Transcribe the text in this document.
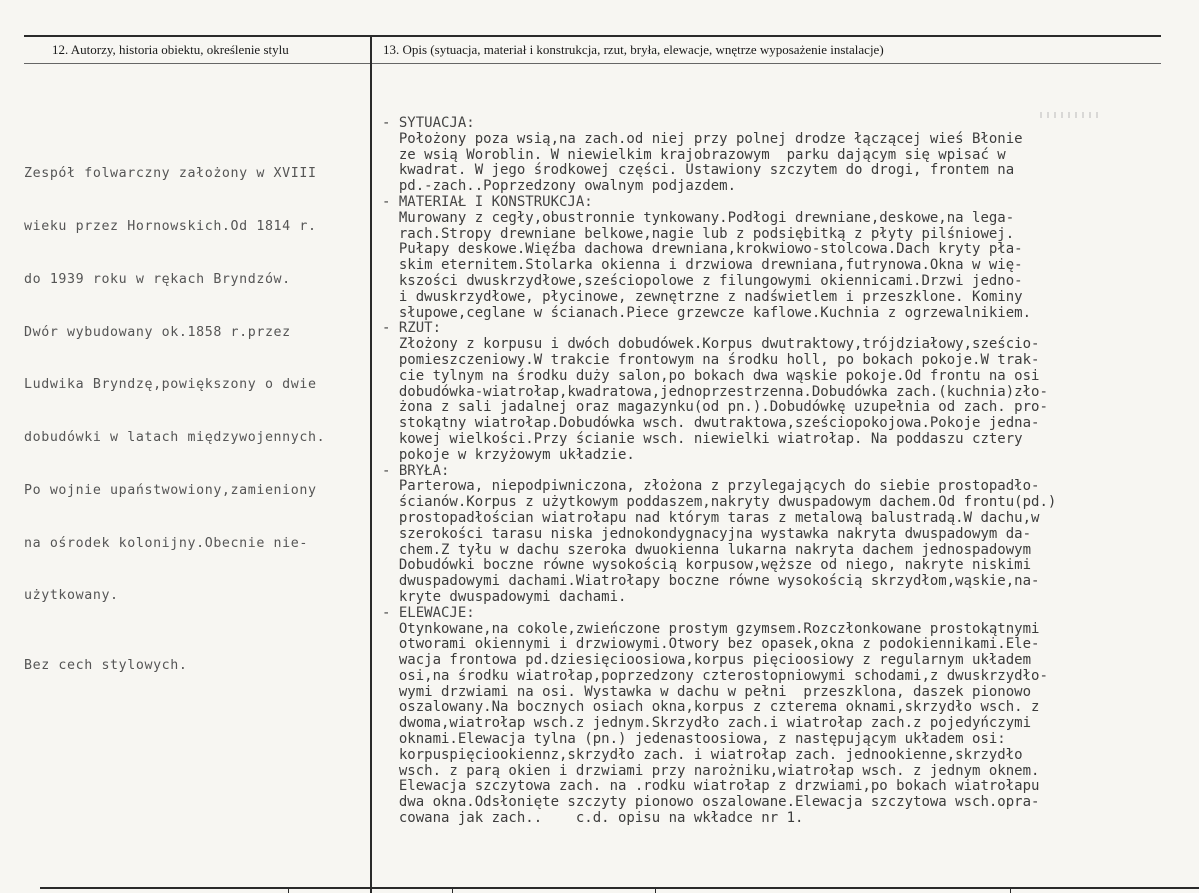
12. Autorzy, historia obiektu, określenie stylu	13. Opis (sytuacja, materiał i konstrukcja, rzut, bryła, elewacje, wnętrze wyposażenie instalacje)

Zespół folwarczny założony w XVIII

wieku przez Hornowskich.Od 1814 r.

do 1939 roku w rękach Bryndzów.

Dwór wybudowany ok.1858 r.przez

Ludwika Bryndzę,powiększony o dwie

dobudówki w latach międzywojennych.

Po wojnie upaństwowiony,zamieniony

na ośrodek kolonijny.Obecnie nie-

użytkowany.

Bez cech stylowych.

- SYTUACJA:
Położony poza wsią,na zach.od niej przy polnej drodze łączącej wieś Błonie
ze wsią Woroblin. W niewielkim krajobrazowym  parku dającym się wpisać w
kwadrat. W jego środkowej części. Ustawiony szczytem do drogi, frontem na
pd.-zach..Poprzedzony owalnym podjazdem.
- MATERIAŁ I KONSTRUKCJA:
Murowany z cegły,obustronnie tynkowany.Podłogi drewniane,deskowe,na lega-
rach.Stropy drewniane belkowe,nagie lub z podsiębitką z płyty pilśniowej.
Pułapy deskowe.Więźba dachowa drewniana,krokwiowo-stolcowa.Dach kryty pła-
skim eternitem.Stolarka okienna i drzwiowa drewniana,futrynowa.Okna w wię-
kszości dwuskrzydłowe,sześciopolowe z filungowymi okiennicami.Drzwi jedno-
i dwuskrzydłowe, płycinowe, zewnętrzne z nadświetlem i przeszklone. Kominy
słupowe,ceglane w ścianach.Piece grzewcze kaflowe.Kuchnia z ogrzewalnikiem.
- RZUT:
Złożony z korpusu i dwóch dobudówek.Korpus dwutraktowy,trójdziałowy,sześcio-
pomieszczeniowy.W trakcie frontowym na środku holl, po bokach pokoje.W trak-
cie tylnym na środku duży salon,po bokach dwa wąskie pokoje.Od frontu na osi
dobudówka-wiatrołap,kwadratowa,jednoprzestrzenna.Dobudówka zach.(kuchnia)zło-
żona z sali jadalnej oraz magazynku(od pn.).Dobudówkę uzupełnia od zach. pro-
stokątny wiatrołap.Dobudówka wsch. dwutraktowa,sześciopokojowa.Pokoje jedna-
kowej wielkości.Przy ścianie wsch. niewielki wiatrołap. Na poddaszu cztery
pokoje w krzyżowym układzie.
- BRYŁA:
Parterowa, niepodpiwniczona, złożona z przylegających do siebie prostopadło-
ścianów.Korpus z użytkowym poddaszem,nakryty dwuspadowym dachem.Od frontu(pd.)
prostopadłościan wiatrołapu nad którym taras z metalową balustradą.W dachu,w
szerokości tarasu niska jednokondygnacyjna wystawka nakryta dwuspadowym da-
chem.Z tyłu w dachu szeroka dwuokienna lukarna nakryta dachem jednospadowym
Dobudówki boczne równe wysokością korpusow,węższe od niego, nakryte niskimi
dwuspadowymi dachami.Wiatrołapy boczne równe wysokością skrzydłom,wąskie,na-
kryte dwuspadowymi dachami.
- ELEWACJE:
Otynkowane,na cokole,zwieńczone prostym gzymsem.Rozczłonkowane prostokątnymi
otworami okiennymi i drzwiowymi.Otwory bez opasek,okna z podokiennikami.Ele-
wacja frontowa pd.dziesięcioosiowa,korpus pięcioosiowy z regularnym układem
osi,na środku wiatrołap,poprzedzony czterostopniowymi schodami,z dwuskrzydło-
wymi drzwiami na osi. Wystawka w dachu w pełni  przeszklona, daszek pionowo
oszalowany.Na bocznych osiach okna,korpus z czterema oknami,skrzydło wsch. z
dwoma,wiatrołap wsch.z jednym.Skrzydło zach.i wiatrołap zach.z pojedyńczymi
oknami.Elewacja tylna (pn.) jedenastoosiowa, z następującym układem osi:
korpuspięciookiennz,skrzydło zach. i wiatrołap zach. jednookienne,skrzydło
wsch. z parą okien i drzwiami przy narożniku,wiatrołap wsch. z jednym oknem.
Elewacja szczytowa zach. na .rodku wiatrołap z drzwiami,po bokach wiatrołapu
dwa okna.Odsłonięte szczyty pionowo oszalowane.Elewacja szczytowa wsch.opra-
cowana jak zach..    c.d. opisu na wkładce nr 1.
